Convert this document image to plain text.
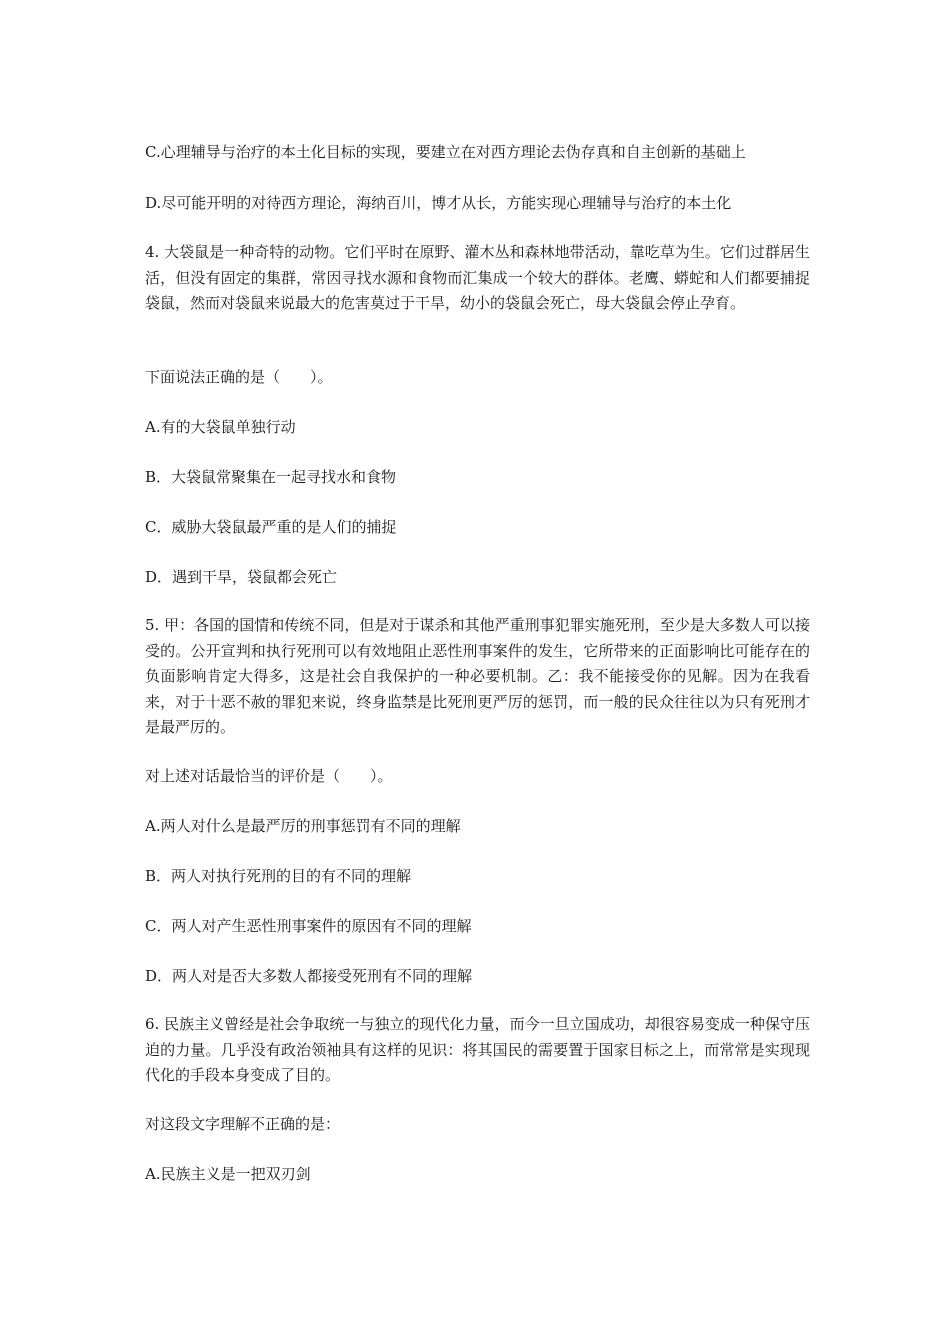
C.心理辅导与治疗的本土化目标的实现，要建立在对西方理论去伪存真和自主创新的基础上
D.尽可能开明的对待西方理论，海纳百川，博才从长，方能实现心理辅导与治疗的本土化
4. 大袋鼠是一种奇特的动物。它们平时在原野、灌木丛和森林地带活动，靠吃草为生。它们过群居生活，但没有固定的集群，常因寻找水源和食物而汇集成一个较大的群体。老鹰、蟒蛇和人们都要捕捉袋鼠，然而对袋鼠来说最大的危害莫过于干旱，幼小的袋鼠会死亡，母大袋鼠会停止孕育。
下面说法正确的是（　　）。
A.有的大袋鼠单独行动
B．大袋鼠常聚集在一起寻找水和食物
C．威胁大袋鼠最严重的是人们的捕捉
D．遇到干旱，袋鼠都会死亡
5. 甲：各国的国情和传统不同，但是对于谋杀和其他严重刑事犯罪实施死刑，至少是大多数人可以接受的。公开宣判和执行死刑可以有效地阻止恶性刑事案件的发生，它所带来的正面影响比可能存在的负面影响肯定大得多，这是社会自我保护的一种必要机制。乙：我不能接受你的见解。因为在我看来，对于十恶不赦的罪犯来说，终身监禁是比死刑更严厉的惩罚，而一般的民众往往以为只有死刑才是最严厉的。
对上述对话最恰当的评价是（　　）。
A.两人对什么是最严厉的刑事惩罚有不同的理解
B．两人对执行死刑的目的有不同的理解
C．两人对产生恶性刑事案件的原因有不同的理解
D．两人对是否大多数人都接受死刑有不同的理解
6. 民族主义曾经是社会争取统一与独立的现代化力量，而今一旦立国成功，却很容易变成一种保守压迫的力量。几乎没有政治领袖具有这样的见识：将其国民的需要置于国家目标之上，而常常是实现现代化的手段本身变成了目的。
对这段文字理解不正确的是：
A.民族主义是一把双刃剑
